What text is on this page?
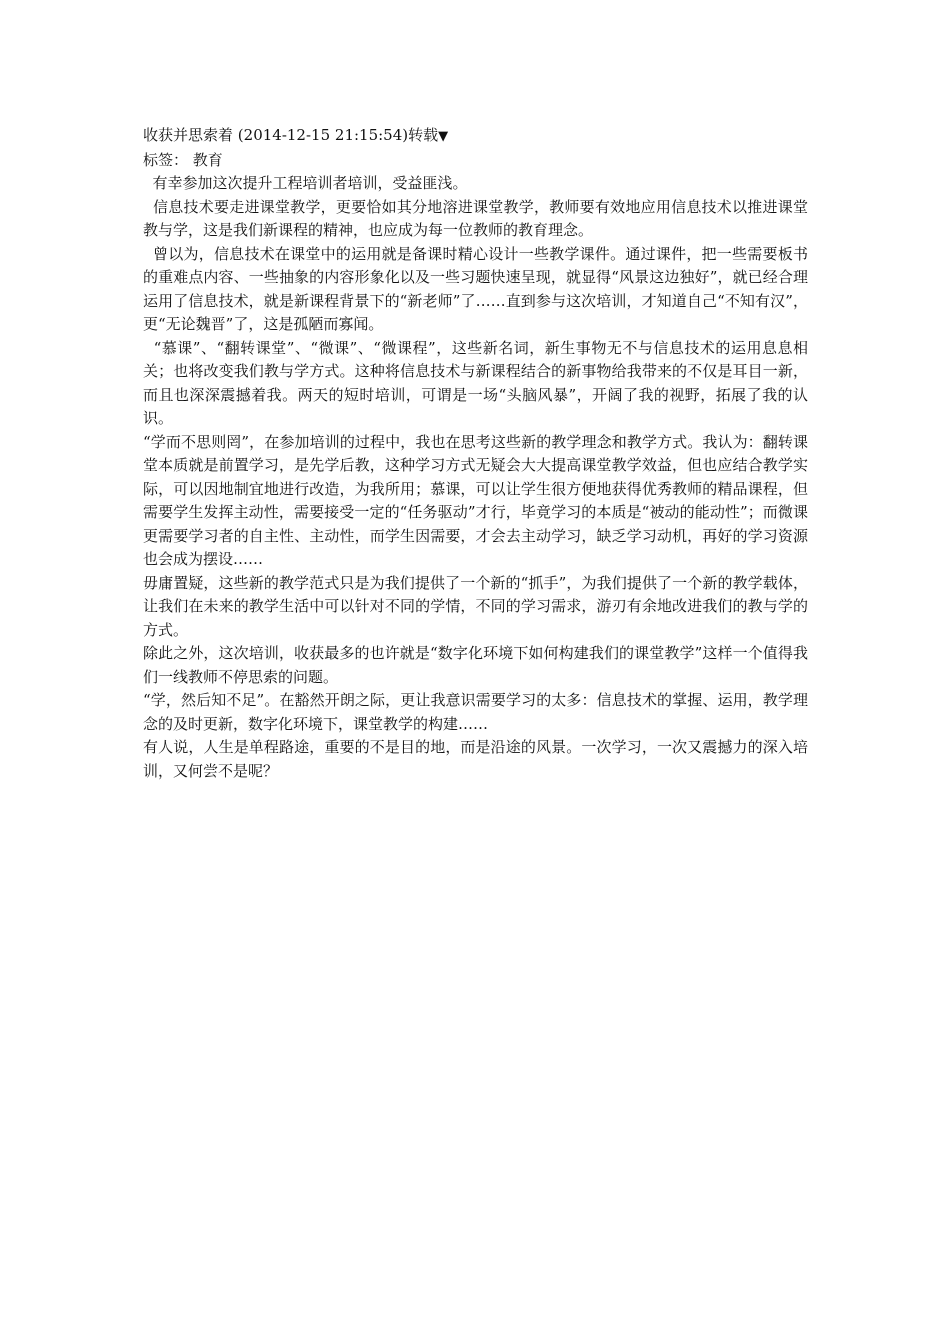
收获并思索着 (2014-12-15 21:15:54)转载▼

标签： 教育

有幸参加这次提升工程培训者培训，受益匪浅。

信息技术要走进课堂教学，更要恰如其分地溶进课堂教学，教师要有效地应用信息技术以推进课堂教与学，这是我们新课程的精神，也应成为每一位教师的教育理念。

曾以为，信息技术在课堂中的运用就是备课时精心设计一些教学课件。通过课件，把一些需要板书的重难点内容、一些抽象的内容形象化以及一些习题快速呈现，就显得“风景这边独好”，就已经合理运用了信息技术，就是新课程背景下的“新老师”了……直到参与这次培训，才知道自己“不知有汉”，更“无论魏晋”了，这是孤陋而寡闻。

“慕课”、“翻转课堂”、“微课”、“微课程”，这些新名词，新生事物无不与信息技术的运用息息相关；也将改变我们教与学方式。这种将信息技术与新课程结合的新事物给我带来的不仅是耳目一新，而且也深深震撼着我。两天的短时培训，可谓是一场“头脑风暴”，开阔了我的视野，拓展了我的认识。

“学而不思则罔”，在参加培训的过程中，我也在思考这些新的教学理念和教学方式。我认为：翻转课堂本质就是前置学习，是先学后教，这种学习方式无疑会大大提高课堂教学效益，但也应结合教学实际，可以因地制宜地进行改造，为我所用；慕课，可以让学生很方便地获得优秀教师的精品课程，但需要学生发挥主动性，需要接受一定的“任务驱动”才行，毕竟学习的本质是“被动的能动性”；而微课更需要学习者的自主性、主动性，而学生因需要，才会去主动学习，缺乏学习动机，再好的学习资源也会成为摆设……

毋庸置疑，这些新的教学范式只是为我们提供了一个新的“抓手”，为我们提供了一个新的教学载体，让我们在未来的教学生活中可以针对不同的学情，不同的学习需求，游刃有余地改进我们的教与学的方式。

除此之外，这次培训，收获最多的也许就是“数字化环境下如何构建我们的课堂教学”这样一个值得我们一线教师不停思索的问题。

“学，然后知不足”。在豁然开朗之际，更让我意识需要学习的太多：信息技术的掌握、运用，教学理念的及时更新，数字化环境下，课堂教学的构建……

有人说，人生是单程路途，重要的不是目的地，而是沿途的风景。一次学习，一次又震撼力的深入培训，又何尝不是呢？
